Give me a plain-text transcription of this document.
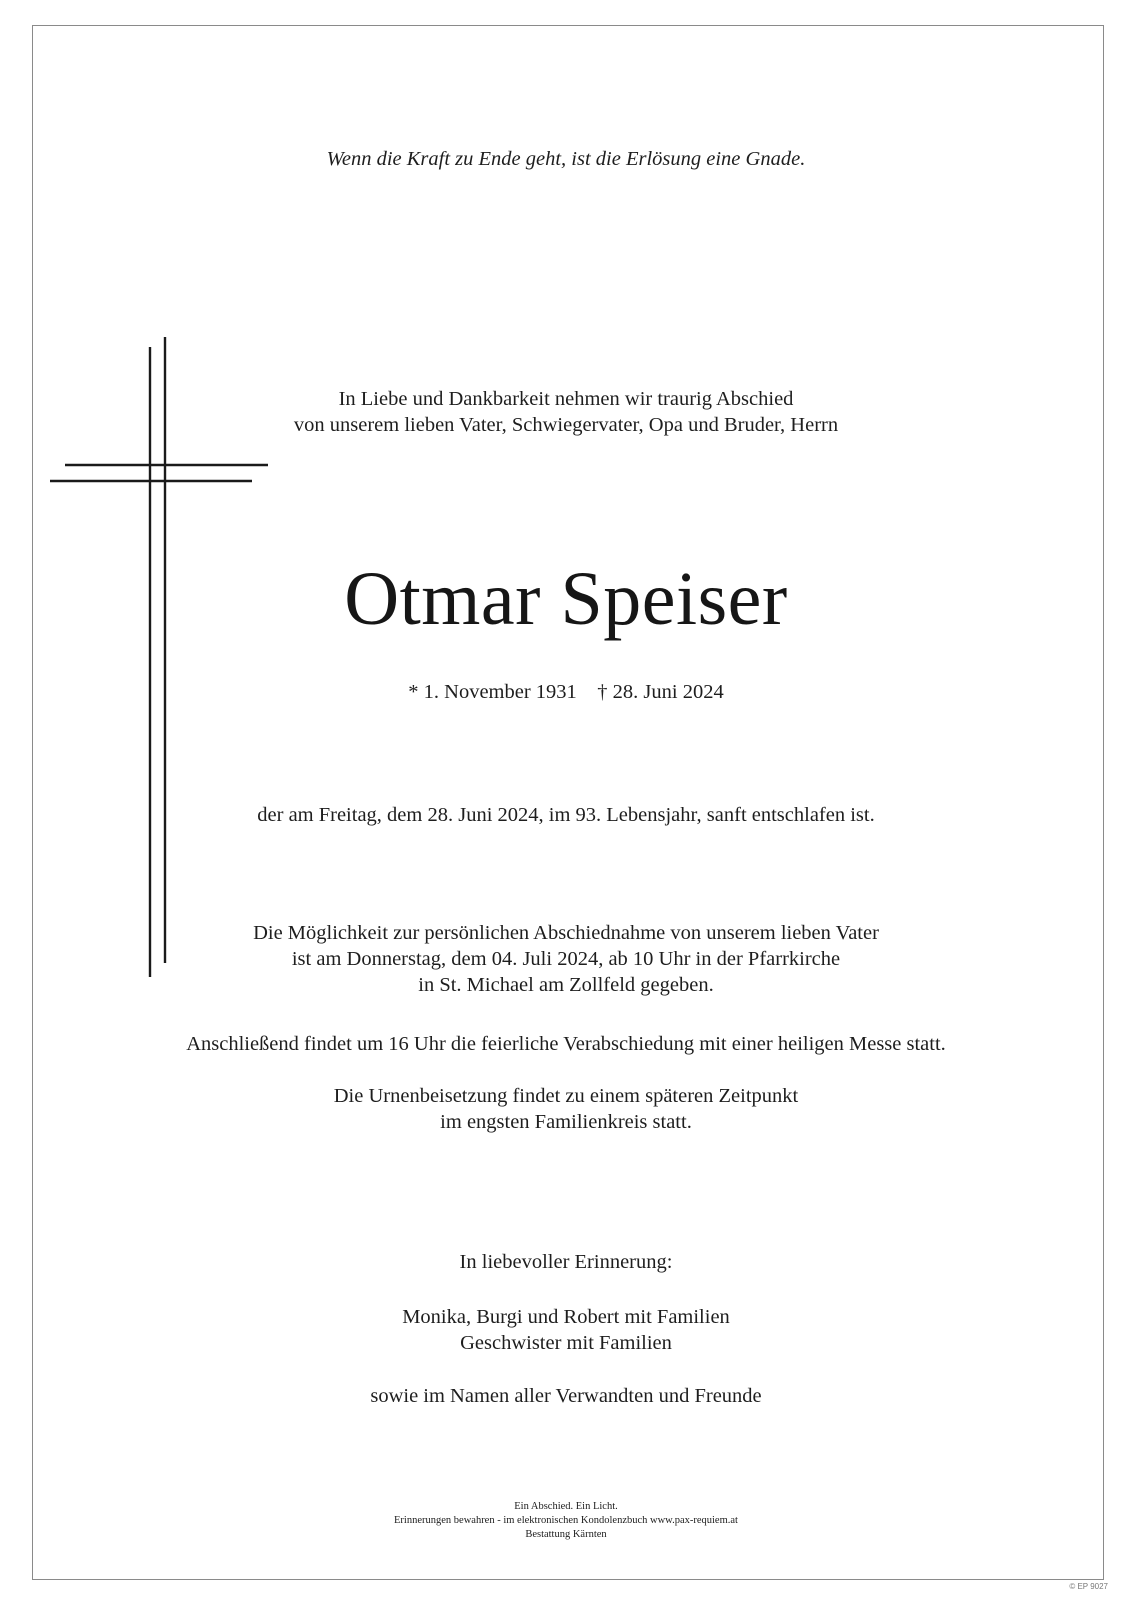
Wenn die Kraft zu Ende geht, ist die Erlösung eine Gnade.
In Liebe und Dankbarkeit nehmen wir traurig Abschied
von unserem lieben Vater, Schwiegervater, Opa und Bruder, Herrn
Otmar Speiser
* 1. November 1931    † 28. Juni 2024
der am Freitag, dem 28. Juni 2024, im 93. Lebensjahr, sanft entschlafen ist.
Die Möglichkeit zur persönlichen Abschiednahme von unserem lieben Vater
ist am Donnerstag, dem 04. Juli 2024, ab 10 Uhr in der Pfarrkirche
in St. Michael am Zollfeld gegeben.
Anschließend findet um 16 Uhr die feierliche Verabschiedung mit einer heiligen Messe statt.
Die Urnenbeisetzung findet zu einem späteren Zeitpunkt
im engsten Familienkreis statt.
In liebevoller Erinnerung:
Monika, Burgi und Robert mit Familien
Geschwister mit Familien
sowie im Namen aller Verwandten und Freunde
Ein Abschied. Ein Licht.
Erinnerungen bewahren - im elektronischen Kondolenzbuch www.pax-requiem.at
Bestattung Kärnten
© EP 9027
